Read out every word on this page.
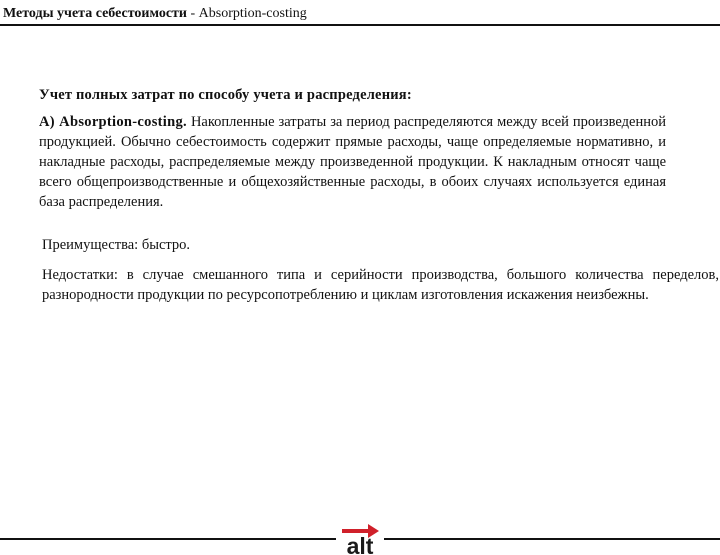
Методы учета себестоимости - Absorption-costing
Учет полных затрат по способу учета и распределения:
А) Absorption-costing. Накопленные затраты за период распределяются между всей произведенной продукцией. Обычно себестоимость содержит прямые расходы, чаще определяемые нормативно, и накладные расходы, распределяемые между произведенной продукции. К накладным относят чаще всего общепроизводственные и общехозяйственные расходы, в обоих случаях используется единая база распределения.
Преимущества: быстро.
Недостатки: в случае смешанного типа и серийности производства, большого количества переделов, разнородности продукции по ресурсопотреблению и циклам изготовления искажения неизбежны.
alt
